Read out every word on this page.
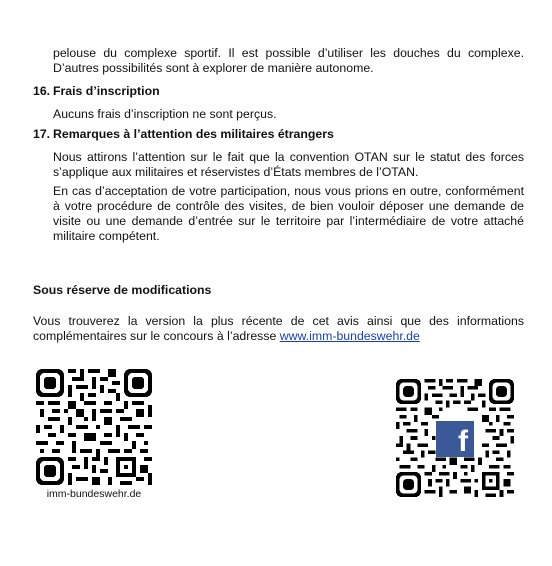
pelouse du complexe sportif. Il est possible d’utiliser les douches du complexe. D’autres possibilités sont à explorer de manière autonome.

16. Frais d’inscription

Aucuns frais d’inscription ne sont perçus.

17. Remarques à l’attention des militaires étrangers

Nous attirons l’attention sur le fait que la convention OTAN sur le statut des forces s’applique aux militaires et réservistes d’États membres de l’OTAN.

En cas d’acceptation de votre participation, nous vous prions en outre, conformément à votre procédure de contrôle des visites, de bien vouloir déposer une demande de visite ou une demande d’entrée sur le territoire par l’intermédiaire de votre attaché militaire compétent.

Sous réserve de modifications

Vous trouverez la version la plus récente de cet avis ainsi que des informations complémentaires sur le concours à l’adresse www.imm-bundeswehr.de

imm-bundeswehr.de
f
